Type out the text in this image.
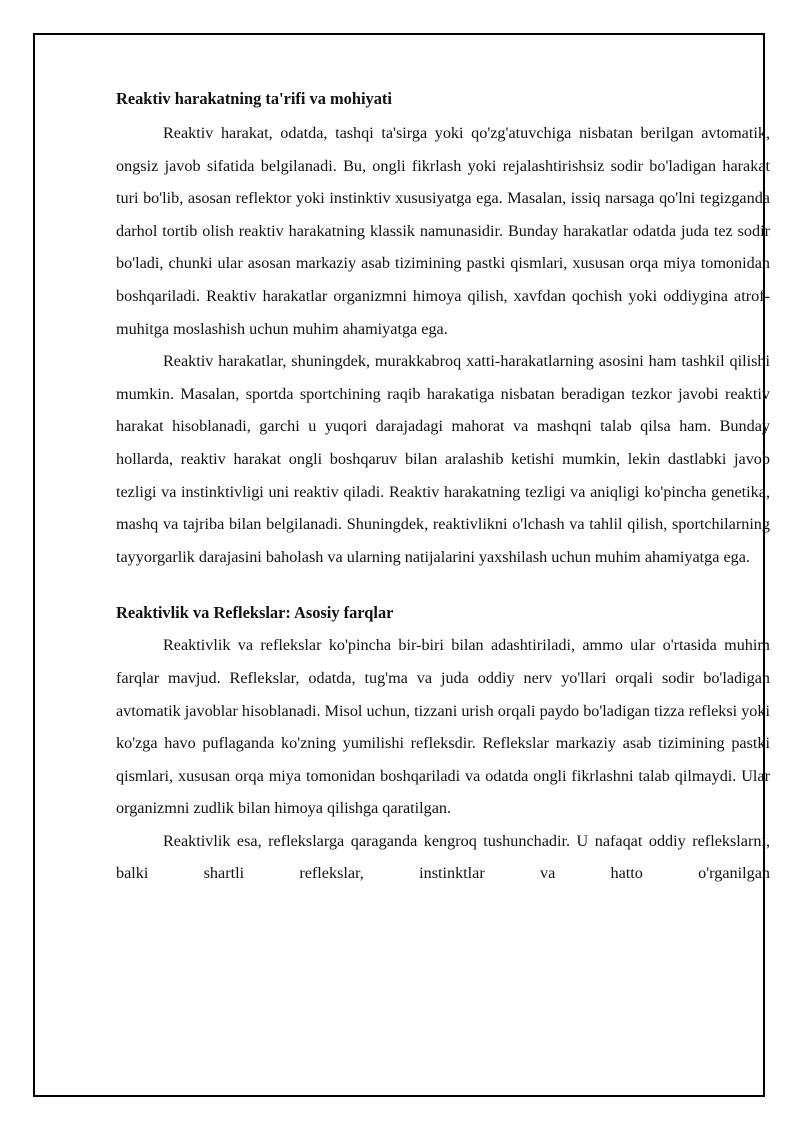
Reaktiv harakatning ta'rifi va mohiyati

Reaktiv harakat, odatda, tashqi ta'sirga yoki qo'zg'atuvchiga nisbatan berilgan avtomatik, ongsiz javob sifatida belgilanadi. Bu, ongli fikrlash yoki rejalashtirishsiz sodir bo'ladigan harakat turi bo'lib, asosan reflektor yoki instinktiv xususiyatga ega. Masalan, issiq narsaga qo'lni tegizganda darhol tortib olish reaktiv harakatning klassik namunasidir. Bunday harakatlar odatda juda tez sodir bo'ladi, chunki ular asosan markaziy asab tizimining pastki qismlari, xususan orqa miya tomonidan boshqariladi. Reaktiv harakatlar organizmni himoya qilish, xavfdan qochish yoki oddiygina atrof-muhitga moslashish uchun muhim ahamiyatga ega.

Reaktiv harakatlar, shuningdek, murakkabroq xatti-harakatlarning asosini ham tashkil qilishi mumkin. Masalan, sportda sportchining raqib harakatiga nisbatan beradigan tezkor javobi reaktiv harakat hisoblanadi, garchi u yuqori darajadagi mahorat va mashqni talab qilsa ham. Bunday hollarda, reaktiv harakat ongli boshqaruv bilan aralashib ketishi mumkin, lekin dastlabki javob tezligi va instinktivligi uni reaktiv qiladi. Reaktiv harakatning tezligi va aniqligi ko'pincha genetika, mashq va tajriba bilan belgilanadi. Shuningdek, reaktivlikni o'lchash va tahlil qilish, sportchilarning tayyorgarlik darajasini baholash va ularning natijalarini yaxshilash uchun muhim ahamiyatga ega.

Reaktivlik va Reflekslar: Asosiy farqlar

Reaktivlik va reflekslar ko'pincha bir-biri bilan adashtiriladi, ammo ular o'rtasida muhim farqlar mavjud. Reflekslar, odatda, tug'ma va juda oddiy nerv yo'llari orqali sodir bo'ladigan avtomatik javoblar hisoblanadi. Misol uchun, tizzani urish orqali paydo bo'ladigan tizza refleksi yoki ko'zga havo puflaganda ko'zning yumilishi refleksdir. Reflekslar markaziy asab tizimining pastki qismlari, xususan orqa miya tomonidan boshqariladi va odatda ongli fikrlashni talab qilmaydi. Ular organizmni zudlik bilan himoya qilishga qaratilgan.

Reaktivlik esa, reflekslarga qaraganda kengroq tushunchadir. U nafaqat oddiy reflekslarni, balki shartli reflekslar, instinktlar va hatto o'rganilgan
